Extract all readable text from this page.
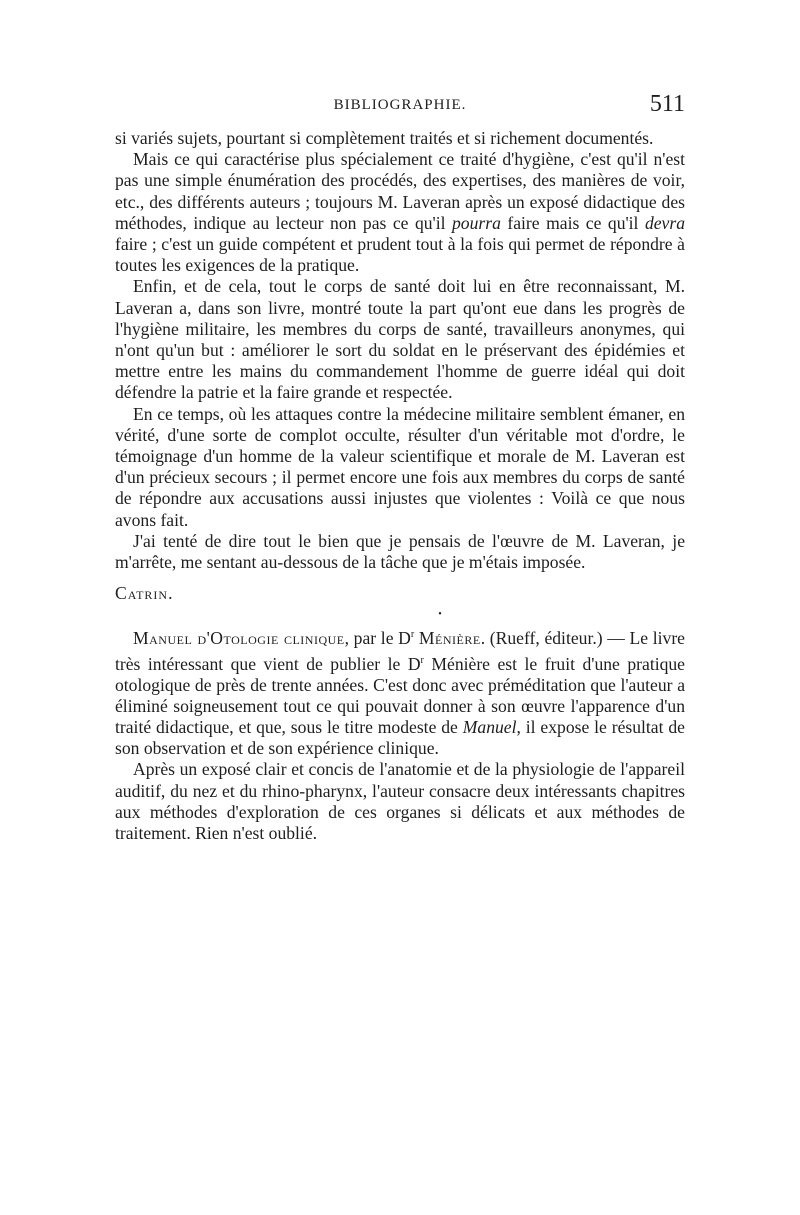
BIBLIOGRAPHIE.	511

si variés sujets, pourtant si complètement traités et si richement documentés.

Mais ce qui caractérise plus spécialement ce traité d'hygiène, c'est qu'il n'est pas une simple énumération des procédés, des expertises, des manières de voir, etc., des différents auteurs ; toujours M. Laveran après un exposé didactique des méthodes, indique au lecteur non pas ce qu'il pourra faire mais ce qu'il devra faire ; c'est un guide compétent et prudent tout à la fois qui permet de répondre à toutes les exigences de la pratique.

Enfin, et de cela, tout le corps de santé doit lui en être reconnaissant, M. Laveran a, dans son livre, montré toute la part qu'ont eue dans les progrès de l'hygiène militaire, les membres du corps de santé, travailleurs anonymes, qui n'ont qu'un but : améliorer le sort du soldat en le préservant des épidémies et mettre entre les mains du commandement l'homme de guerre idéal qui doit défendre la patrie et la faire grande et respectée.

En ce temps, où les attaques contre la médecine militaire semblent émaner, en vérité, d'une sorte de complot occulte, résulter d'un véritable mot d'ordre, le témoignage d'un homme de la valeur scientifique et morale de M. Laveran est d'un précieux secours ; il permet encore une fois aux membres du corps de santé de répondre aux accusations aussi injustes que violentes : Voilà ce que nous avons fait.

J'ai tenté de dire tout le bien que je pensais de l'œuvre de M. Laveran, je m'arrête, me sentant au-dessous de la tâche que je m'étais imposée.

Catrin.

•

Manuel d'Otologie clinique, par le $D^r$ Ménière. (Rueff, éditeur.) — Le livre très intéressant que vient de publier le $D^r$ Ménière est le fruit d'une pratique otologique de près de trente années. C'est donc avec préméditation que l'auteur a éliminé soigneusement tout ce qui pouvait donner à son œuvre l'apparence d'un traité didactique, et que, sous le titre modeste de Manuel, il expose le résultat de son observation et de son expérience clinique.

Après un exposé clair et concis de l'anatomie et de la physiologie de l'appareil auditif, du nez et du rhino-pharynx, l'auteur consacre deux intéressants chapitres aux méthodes d'exploration de ces organes si délicats et aux méthodes de traitement. Rien n'est oublié.
